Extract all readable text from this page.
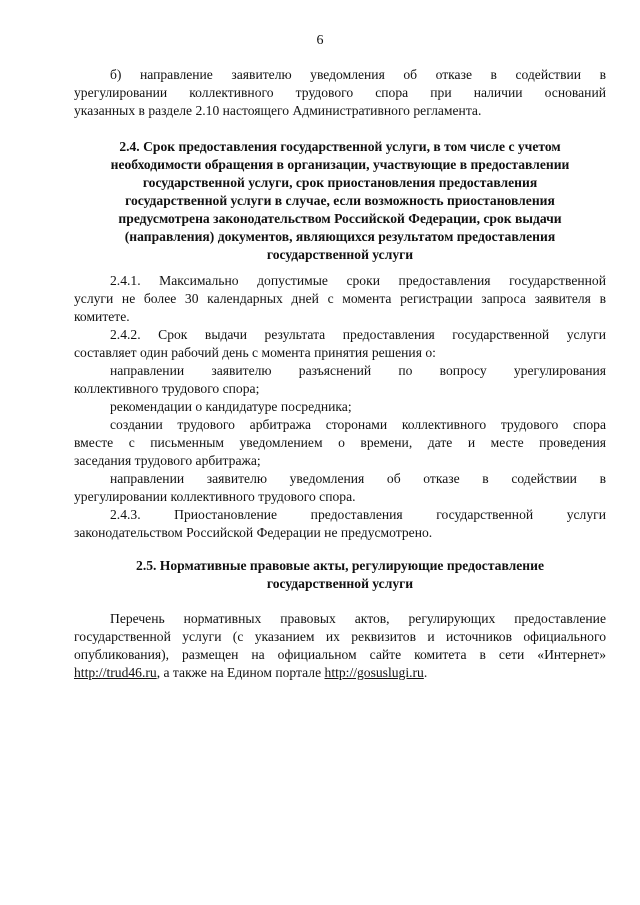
6
б) направление заявителю уведомления об отказе в содействии в
урегулировании коллективного трудового спора при наличии оснований
указанных в разделе 2.10 настоящего Административного регламента.
2.4. Срок предоставления государственной услуги, в том числе с учетом
необходимости обращения в организации, участвующие в предоставлении
государственной услуги, срок приостановления предоставления
государственной услуги в случае, если возможность приостановления
предусмотрена законодательством Российской Федерации, срок выдачи
(направления) документов, являющихся результатом предоставления
государственной услуги
2.4.1. Максимально допустимые сроки предоставления государственной
услуги не более 30 календарных дней с момента регистрации запроса заявителя в
комитете.
2.4.2. Срок выдачи результата предоставления государственной услуги
составляет один рабочий день с момента принятия решения о:
направлении заявителю разъяснений по вопросу урегулирования
коллективного трудового спора;
рекомендации о кандидатуре посредника;
создании трудового арбитража сторонами коллективного трудового спора
вместе с письменным уведомлением о времени, дате и месте проведения
заседания трудового арбитража;
направлении заявителю уведомления об отказе в содействии в
урегулировании коллективного трудового спора.
2.4.3. Приостановление предоставления государственной услуги
законодательством Российской Федерации не предусмотрено.
2.5. Нормативные правовые акты, регулирующие предоставление
государственной услуги
Перечень нормативных правовых актов, регулирующих предоставление
государственной услуги (с указанием их реквизитов и источников официального
опубликования), размещен на официальном сайте комитета в сети «Интернет»
http://trud46.ru, а также на Едином портале http://gosuslugi.ru.
